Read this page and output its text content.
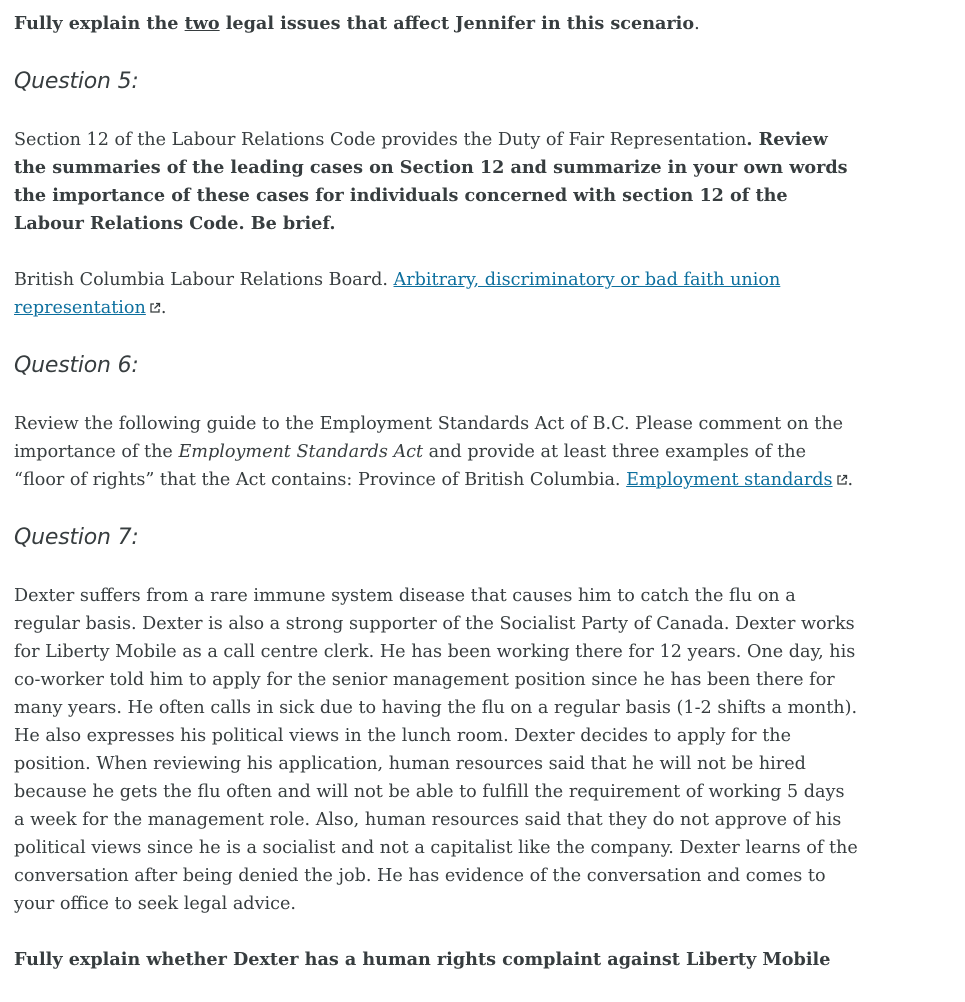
Fully explain the two legal issues that affect Jennifer in this scenario.

Question 5:

Section 12 of the Labour Relations Code provides the Duty of Fair Representation. Review the summaries of the leading cases on Section 12 and summarize in your own words the importance of these cases for individuals concerned with section 12 of the Labour Relations Code. Be brief.

British Columbia Labour Relations Board. Arbitrary, discriminatory or bad faith union representation .

Question 6:

Review the following guide to the Employment Standards Act of B.C. Please comment on the importance of the Employment Standards Act and provide at least three examples of the “floor of rights” that the Act contains: Province of British Columbia. Employment standards .

Question 7:

Dexter suffers from a rare immune system disease that causes him to catch the flu on a regular basis. Dexter is also a strong supporter of the Socialist Party of Canada. Dexter works for Liberty Mobile as a call centre clerk. He has been working there for 12 years. One day, his co-worker told him to apply for the senior management position since he has been there for many years. He often calls in sick due to having the flu on a regular basis (1-2 shifts a month). He also expresses his political views in the lunch room. Dexter decides to apply for the position. When reviewing his application, human resources said that he will not be hired because he gets the flu often and will not be able to fulfill the requirement of working 5 days a week for the management role. Also, human resources said that they do not approve of his political views since he is a socialist and not a capitalist like the company. Dexter learns of the conversation after being denied the job. He has evidence of the conversation and comes to your office to seek legal advice.

Fully explain whether Dexter has a human rights complaint against Liberty Mobile
